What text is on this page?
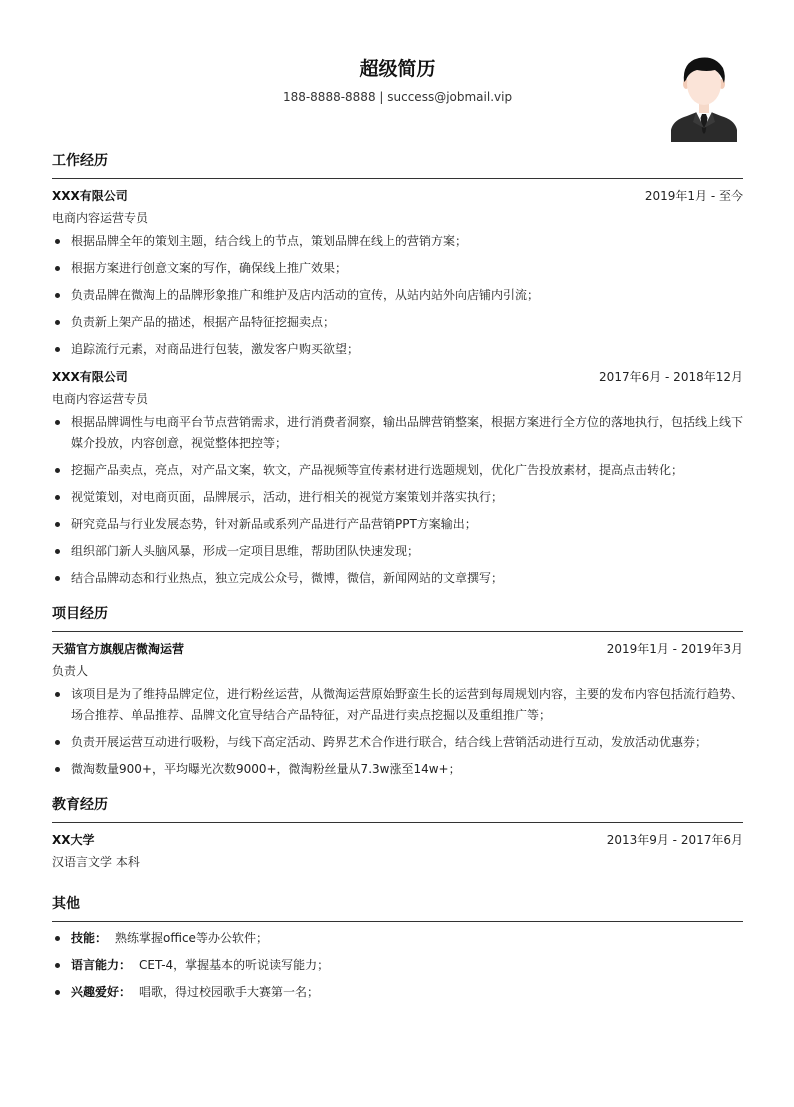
超级简历
188-8888-8888 | success@jobmail.vip
工作经历
XXX有限公司	2019年1月 - 至今
电商内容运营专员
根据品牌全年的策划主题，结合线上的节点，策划品牌在线上的营销方案；
根据方案进行创意文案的写作，确保线上推广效果；
负责品牌在微淘上的品牌形象推广和维护及店内活动的宣传，从站内站外向店铺内引流；
负责新上架产品的描述，根据产品特征挖掘卖点；
追踪流行元素，对商品进行包装，激发客户购买欲望；
XXX有限公司	2017年6月 - 2018年12月
电商内容运营专员
根据品牌调性与电商平台节点营销需求，进行消费者洞察，输出品牌营销整案，根据方案进行全方位的落地执行，包括线上线下媒介投放，内容创意，视觉整体把控等；
挖掘产品卖点，亮点，对产品文案，软文，产品视频等宣传素材进行选题规划，优化广告投放素材，提高点击转化；
视觉策划，对电商页面，品牌展示，活动，进行相关的视觉方案策划并落实执行；
研究竞品与行业发展态势，针对新品或系列产品进行产品营销PPT方案输出；
组织部门新人头脑风暴，形成一定项目思维，帮助团队快速发现；
结合品牌动态和行业热点，独立完成公众号，微博，微信，新闻网站的文章撰写；
项目经历
天猫官方旗舰店微淘运营	2019年1月 - 2019年3月
负责人
该项目是为了维持品牌定位，进行粉丝运营，从微淘运营原始野蛮生长的运营到每周规划内容，主要的发布内容包括流行趋势、场合推荐、单品推荐、品牌文化宣导结合产品特征，对产品进行卖点挖掘以及重组推广等；
负责开展运营互动进行吸粉，与线下高定活动、跨界艺术合作进行联合，结合线上营销活动进行互动，发放活动优惠券；
微淘数量900+，平均曝光次数9000+，微淘粉丝量从7.3w涨至14w+；
教育经历
XX大学	2013年9月 - 2017年6月
汉语言文学 本科
其他
技能： 熟练掌握office等办公软件；
语言能力： CET-4，掌握基本的听说读写能力；
兴趣爱好： 唱歌，得过校园歌手大赛第一名；
